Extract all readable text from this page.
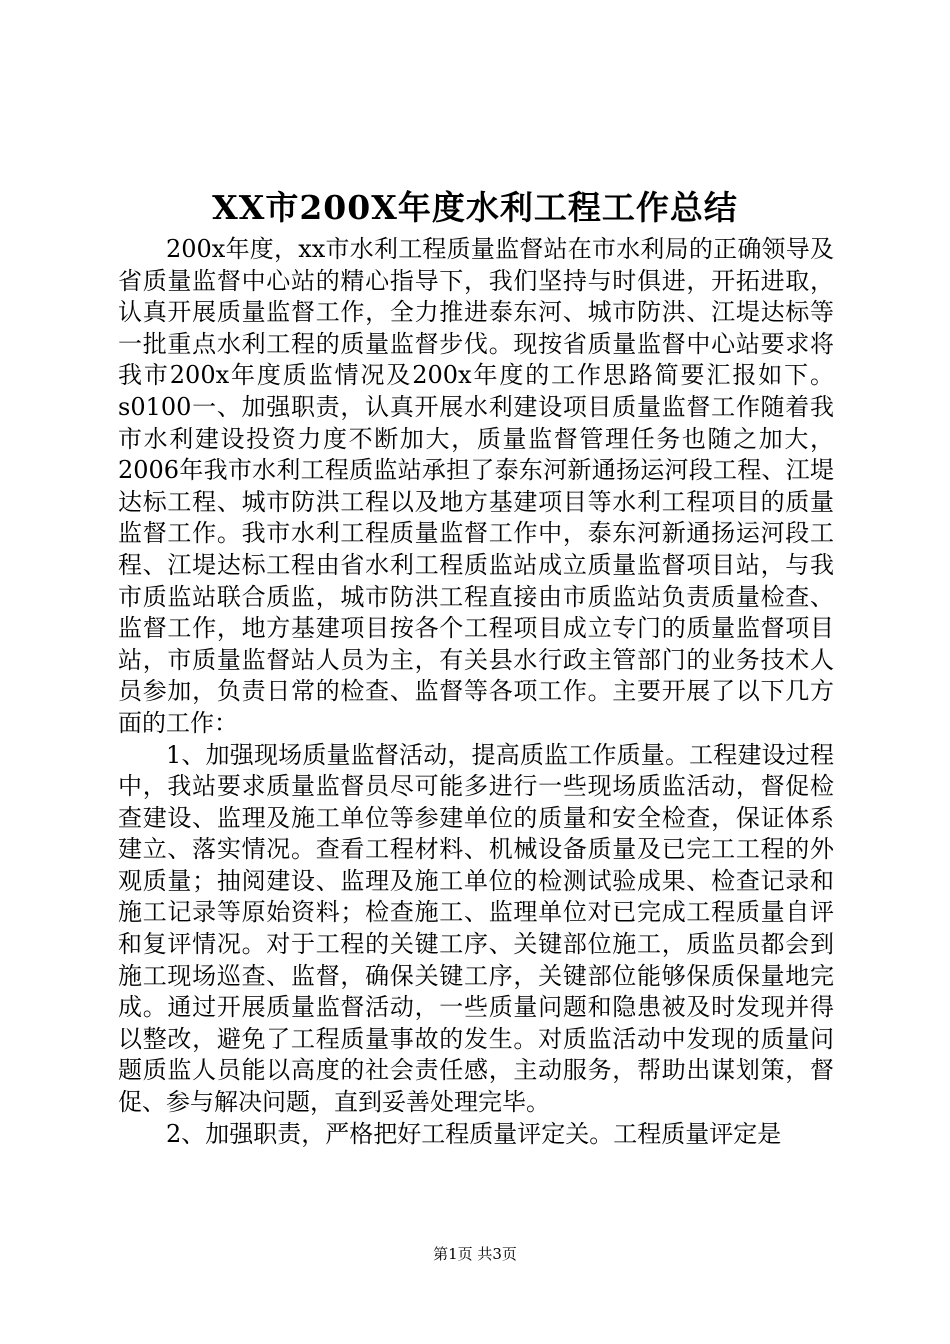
XX市200X年度水利工程工作总结

200x年度，xx市水利工程质量监督站在市水利局的正确领导及省质量监督中心站的精心指导下，我们坚持与时俱进，开拓进取，认真开展质量监督工作，全力推进泰东河、城市防洪、江堤达标等一批重点水利工程的质量监督步伐。现按省质量监督中心站要求将我市200x年度质监情况及200x年度的工作思路简要汇报如下。s0100一、加强职责，认真开展水利建设项目质量监督工作随着我市水利建设投资力度不断加大，质量监督管理任务也随之加大，2006年我市水利工程质监站承担了泰东河新通扬运河段工程、江堤达标工程、城市防洪工程以及地方基建项目等水利工程项目的质量监督工作。我市水利工程质量监督工作中，泰东河新通扬运河段工程、江堤达标工程由省水利工程质监站成立质量监督项目站，与我市质监站联合质监，城市防洪工程直接由市质监站负责质量检查、监督工作，地方基建项目按各个工程项目成立专门的质量监督项目站，市质量监督站人员为主，有关县水行政主管部门的业务技术人员参加，负责日常的检查、监督等各项工作。主要开展了以下几方面的工作：

1、加强现场质量监督活动，提高质监工作质量。工程建设过程中，我站要求质量监督员尽可能多进行一些现场质监活动，督促检查建设、监理及施工单位等参建单位的质量和安全检查，保证体系建立、落实情况。查看工程材料、机械设备质量及已完工工程的外观质量；抽阅建设、监理及施工单位的检测试验成果、检查记录和施工记录等原始资料；检查施工、监理单位对已完成工程质量自评和复评情况。对于工程的关键工序、关键部位施工，质监员都会到施工现场巡查、监督，确保关键工序，关键部位能够保质保量地完成。通过开展质量监督活动，一些质量问题和隐患被及时发现并得以整改，避免了工程质量事故的发生。对质监活动中发现的质量问题质监人员能以高度的社会责任感，主动服务，帮助出谋划策，督促、参与解决问题，直到妥善处理完毕。

2、加强职责，严格把好工程质量评定关。工程质量评定是

第1页 共3页
